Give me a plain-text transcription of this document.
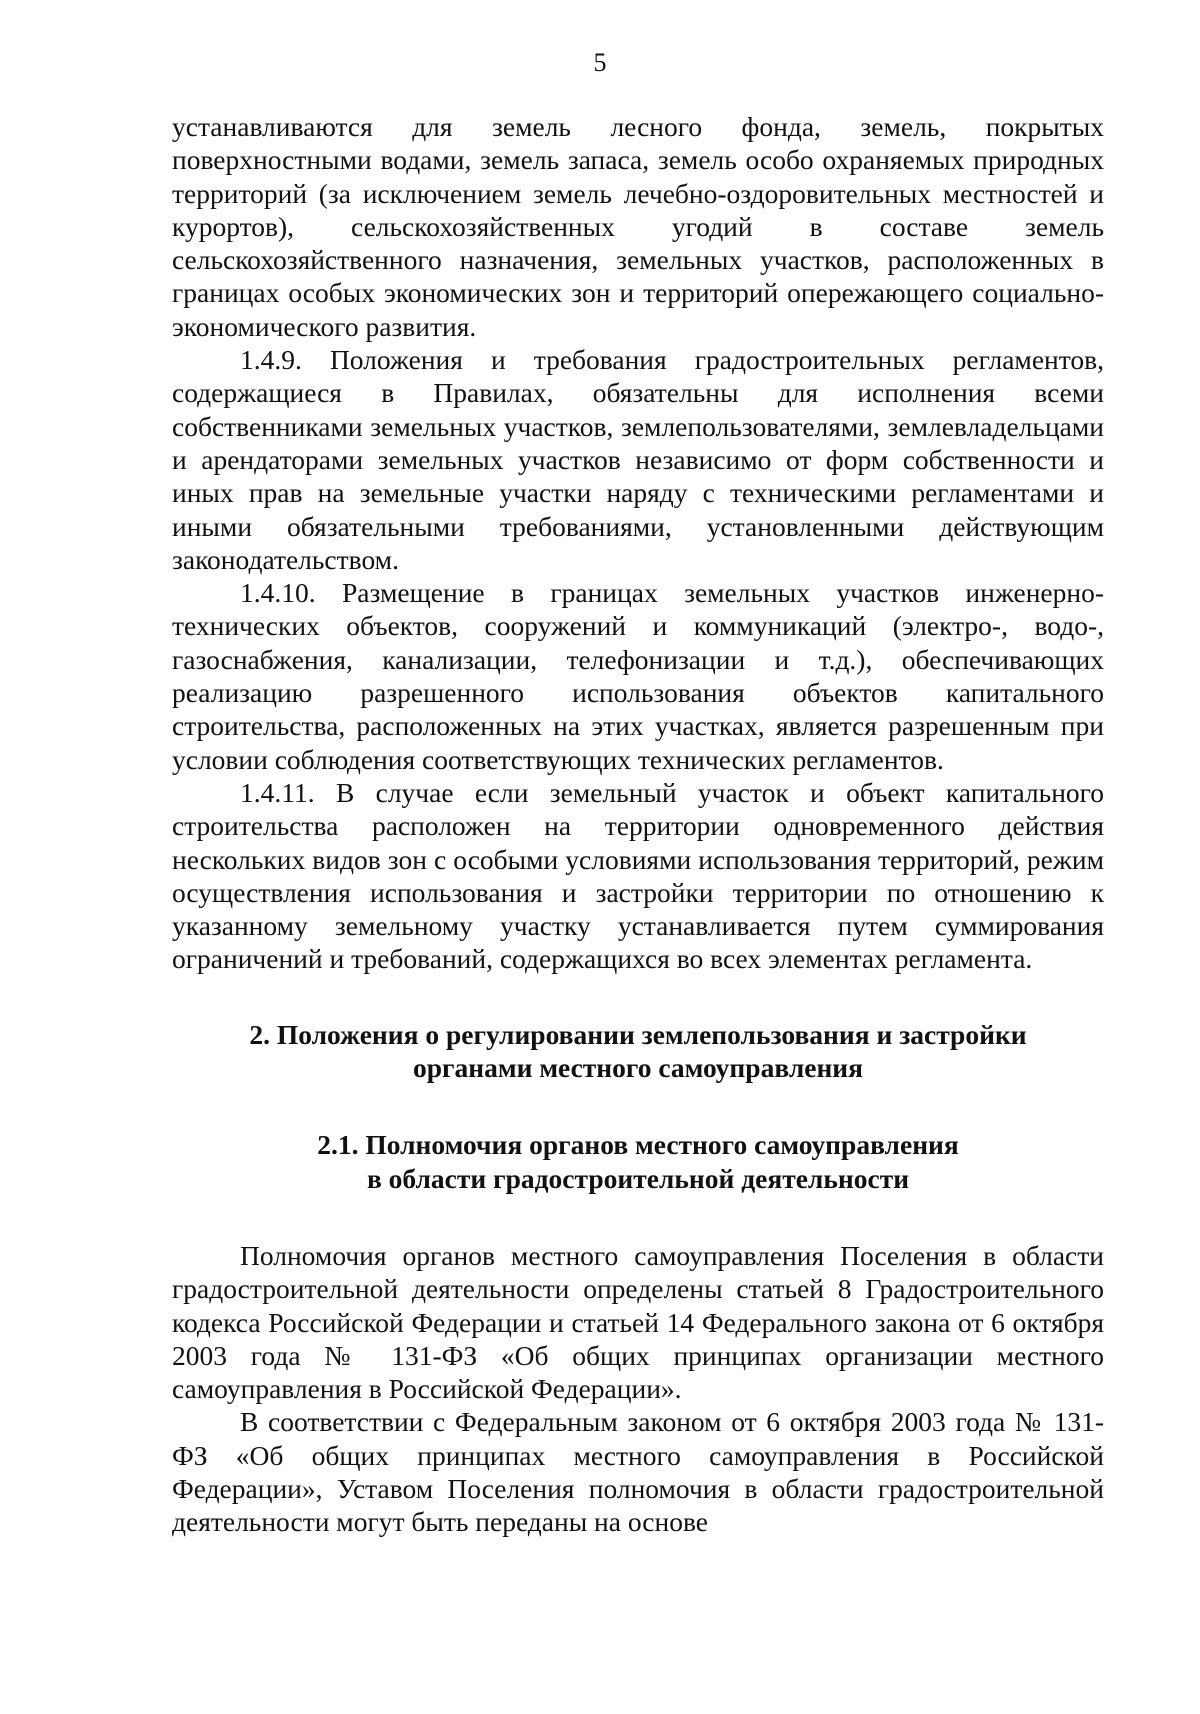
5

устанавливаются для земель лесного фонда, земель, покрытых поверхностными водами, земель запаса, земель особо охраняемых природных территорий (за исключением земель лечебно-оздоровительных местностей и курортов), сельскохозяйственных угодий в составе земель сельскохозяйственного назначения, земельных участков, расположенных в границах особых экономических зон и территорий опережающего социально-экономического развития.

1.4.9. Положения и требования градостроительных регламентов, содержащиеся в Правилах, обязательны для исполнения всеми собственниками земельных участков, землепользователями, землевладельцами и арендаторами земельных участков независимо от форм собственности и иных прав на земельные участки наряду с техническими регламентами и иными обязательными требованиями, установленными действующим законодательством.

1.4.10. Размещение в границах земельных участков инженерно-технических объектов, сооружений и коммуникаций (электро-, водо-, газоснабжения, канализации, телефонизации и т.д.), обеспечивающих реализацию разрешенного использования объектов капитального строительства, расположенных на этих участках, является разрешенным при условии соблюдения соответствующих технических регламентов.

1.4.11. В случае если земельный участок и объект капитального строительства расположен на территории одновременного действия нескольких видов зон с особыми условиями использования территорий, режим осуществления использования и застройки территории по отношению к указанному земельному участку устанавливается путем суммирования ограничений и требований, содержащихся во всех элементах регламента.

2. Положения о регулировании землепользования и застройки
органами местного самоуправления
2.1. Полномочия органов местного самоуправления
в области градостроительной деятельности

Полномочия органов местного самоуправления Поселения в области градостроительной деятельности определены статьей 8 Градостроительного кодекса Российской Федерации и статьей 14 Федерального закона от 6 октября 2003 года № 131-ФЗ «Об общих принципах организации местного самоуправления в Российской Федерации».

В соответствии с Федеральным законом от 6 октября 2003 года № 131-ФЗ «Об общих принципах местного самоуправления в Российской Федерации», Уставом Поселения полномочия в области градостроительной деятельности могут быть переданы на основе
